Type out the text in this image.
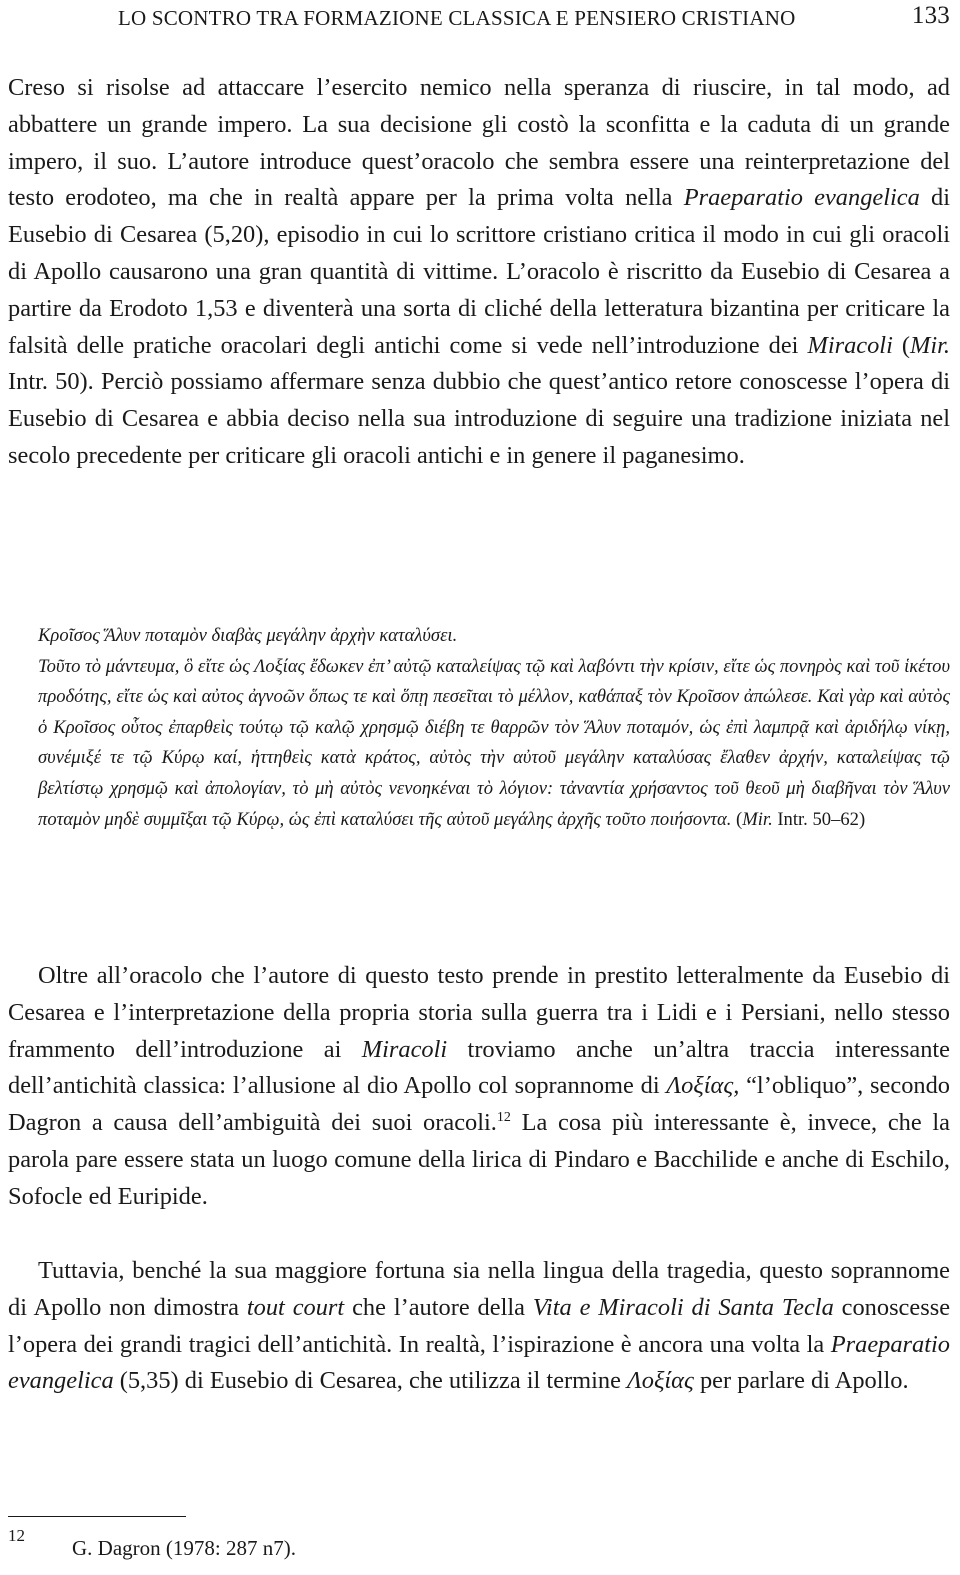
LO SCONTRO TRA FORMAZIONE CLASSICA E PENSIERO CRISTIANO	133

Creso si risolse ad attaccare l’esercito nemico nella speranza di riuscire, in tal modo, ad abbattere un grande impero. La sua decisione gli costò la sconfitta e la caduta di un grande impero, il suo. L’autore introduce quest’oracolo che sembra essere una reinterpretazione del testo erodoteo, ma che in realtà appare per la prima volta nella Praeparatio evangelica di Eusebio di Cesarea (5,20), episodio in cui lo scrittore cristiano critica il modo in cui gli oracoli di Apollo causarono una gran quantità di vittime. L’oracolo è riscritto da Eusebio di Cesarea a partire da Erodoto 1,53 e diventerà una sorta di cliché della letteratura bizantina per criticare la falsità delle pratiche oracolari degli antichi come si vede nell’introduzione dei Miracoli (Mir. Intr. 50). Perciò possiamo affermare senza dubbio che quest’antico retore conoscesse l’opera di Eusebio di Cesarea e abbia deciso nella sua introduzione di seguire una tradizione iniziata nel secolo precedente per criticare gli oracoli antichi e in genere il paganesimo.

Κροῖσος Ἅλυν ποταμὸν διαβὰς μεγάλην ἀρχὴν καταλύσει.
Τοῦτο τὸ μάντευμα, ὃ εἴτε ὡς Λοξίας ἔδωκεν ἐπ’ αὐτῷ καταλείψας τῷ καὶ λαβόντι τὴν κρίσιν, εἴτε ὡς πονηρὸς καὶ τοῦ ἱκέτου προδότης, εἴτε ὡς καὶ αὐτος ἀγνοῶν ὅπως τε καὶ ὅπῃ πεσεῖται τὸ μέλλον, καθάπαξ τὸν Κροῖσον ἀπώλεσε. Καὶ γὰρ καὶ αὐτὸς ὁ Κροῖσος οὗτος ἐπαρθεὶς τούτῳ τῷ καλῷ χρησμῷ διέβη τε θαρρῶν τὸν Ἅλυν ποταμόν, ὡς ἐπὶ λαμπρᾷ καὶ ἀριδήλῳ νίκῃ, συνέμιξέ τε τῷ Κύρῳ καί, ἡττηθεὶς κατὰ κράτος, αὐτὸς τὴν αὐτοῦ μεγάλην καταλύσας ἔλαθεν ἀρχήν, καταλείψας τῷ βελτίστῳ χρησμῷ καὶ ἀπολογίαν, τὸ μὴ αὐτὸς νενοηκέναι τὸ λόγιον: τἀναντία χρήσαντος τοῦ θεοῦ μὴ διαβῆναι τὸν Ἅλυν ποταμὸν μηδὲ συμμῖξαι τῷ Κύρῳ, ὡς ἐπὶ καταλύσει τῆς αὐτοῦ μεγάλης ἀρχῆς τοῦτο ποιήσοντα. (Mir. Intr. 50–62)

Oltre all’oracolo che l’autore di questo testo prende in prestito letteralmente da Eusebio di Cesarea e l’interpretazione della propria storia sulla guerra tra i Lidi e i Persiani, nello stesso frammento dell’introduzione ai Miracoli troviamo anche un’altra traccia interessante dell’antichità classica: l’allusione al dio Apollo col soprannome di Λοξίας, “l’obliquo”, secondo Dagron a causa dell’ambiguità dei suoi oracoli.$^{12}$ La cosa più interessante è, invece, che la parola pare essere stata un luogo comune della lirica di Pindaro e Bacchilide e anche di Eschilo, Sofocle ed Euripide.

Tuttavia, benché la sua maggiore fortuna sia nella lingua della tragedia, questo soprannome di Apollo non dimostra tout court che l’autore della Vita e Miracoli di Santa Tecla conoscesse l’opera dei grandi tragici dell’antichità. In realtà, l’ispirazione è ancora una volta la Praeparatio evangelica (5,35) di Eusebio di Cesarea, che utilizza il termine Λοξίας per parlare di Apollo.

12
G. Dagron (1978: 287 n7).
